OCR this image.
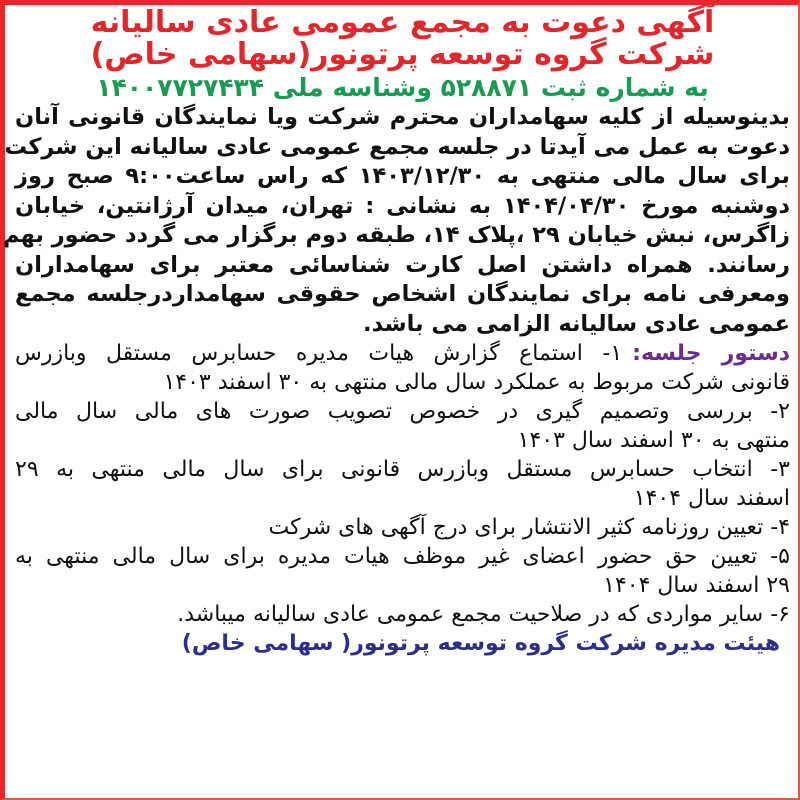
آگهی دعوت به مجمع عمومی عادی سالیانه
شرکت گروه توسعه پرتونور(سهامی خاص)
به شماره ثبت ۵۲۸۸۷۱ وشناسه ملی ۱۴۰۰۷۷۲۷۴۳۴
بدینوسیله از کلیه سهامداران محترم شرکت ویا نمایندگان قانونی آنان
دعوت به عمل می آیدتا در جلسه مجمع عمومی عادی سالیانه این شرکت
برای سال مالی منتهی به ۱۴۰۳/۱۲/۳۰ که راس ساعت۹:۰۰ صبح روز
دوشنبه مورخ ۱۴۰۴/۰۴/۳۰ به نشانی : تهران، میدان آرژانتین، خیابان
زاگرس، نبش خیابان ۲۹ ،پلاک ۱۴، طبقه دوم برگزار می گردد حضور بهم
رسانند. همراه داشتن اصل کارت شناسائی معتبر برای سهامداران
ومعرفی نامه برای نمایندگان اشخاص حقوقی سهامداردرجلسه مجمع
عمومی عادی سالیانه الزامی می باشد.
دستور جلسه:۱- استماع گزارش هیات مدیره حسابرس مستقل وبازرس
قانونی شرکت مربوط به عملکرد سال مالی منتهی به ۳۰ اسفند ۱۴۰۳
۲- بررسی وتصمیم گیری در خصوص تصویب صورت های مالی سال مالی
منتهی به ۳۰ اسفند سال ۱۴۰۳
۳- انتخاب حسابرس مستقل وبازرس قانونی برای سال مالی منتهی به ۲۹
اسفند سال ۱۴۰۴
۴- تعیین روزنامه کثیر الانتشار برای درج آگهی های شرکت
۵- تعیین حق حضور اعضای غیر موظف هیات مدیره برای سال مالی منتهی به
۲۹ اسفند سال ۱۴۰۴
۶- سایر مواردی که در صلاحیت مجمع عمومی عادی سالیانه میباشد.
هیئت مدیره شرکت گروه توسعه پرتونور( سهامی خاص)
